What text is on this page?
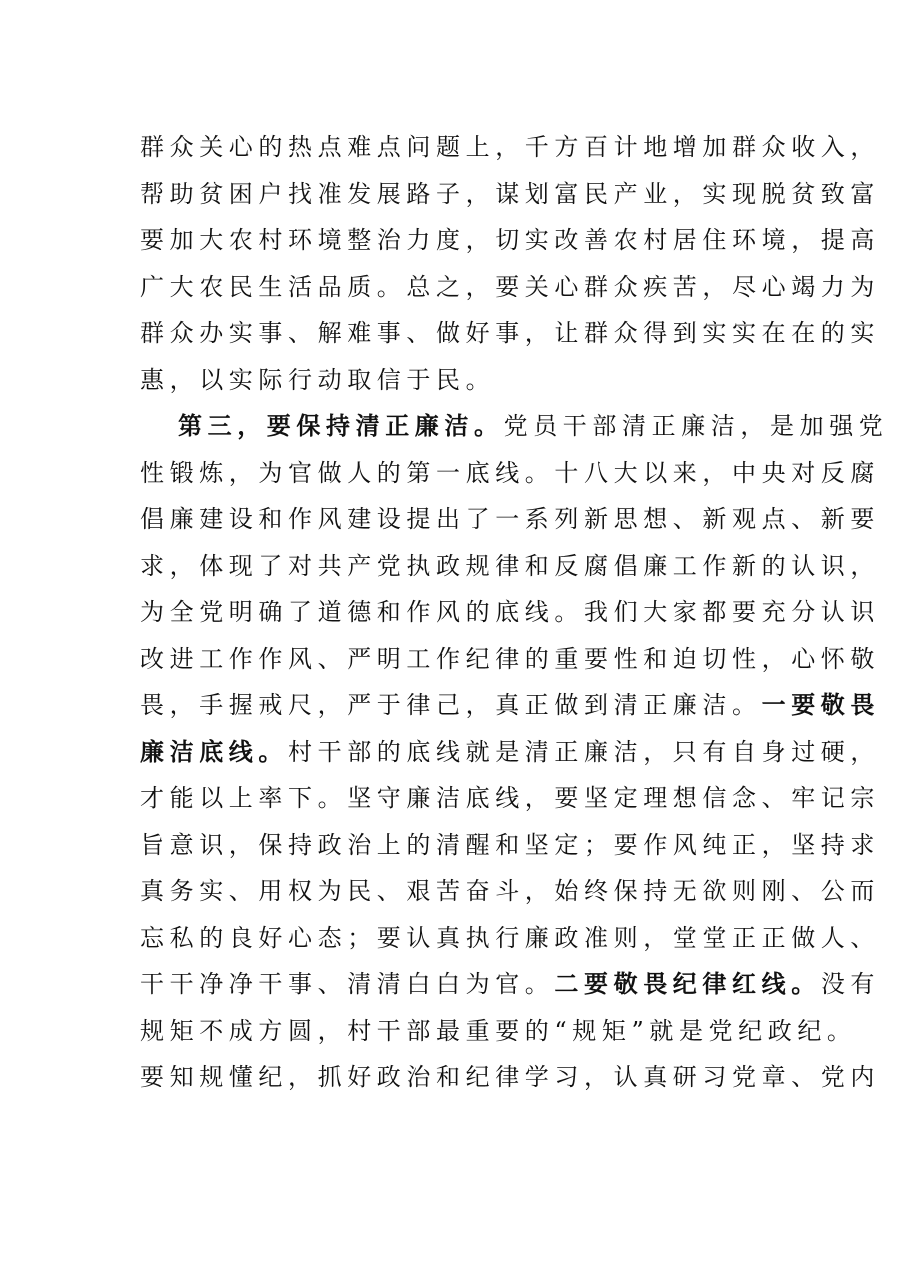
群众关心的热点难点问题上，千方百计地增加群众收入，
帮助贫困户找准发展路子，谋划富民产业，实现脱贫致富
要加大农村环境整治力度，切实改善农村居住环境，提高
广大农民生活品质。总之，要关心群众疾苦，尽心竭力为
群众办实事、解难事、做好事，让群众得到实实在在的实
惠，以实际行动取信于民。
第三，要保持清正廉洁。党员干部清正廉洁，是加强党
性锻炼，为官做人的第一底线。十八大以来，中央对反腐
倡廉建设和作风建设提出了一系列新思想、新观点、新要
求，体现了对共产党执政规律和反腐倡廉工作新的认识，
为全党明确了道德和作风的底线。我们大家都要充分认识
改进工作作风、严明工作纪律的重要性和迫切性，心怀敬
畏，手握戒尺，严于律己，真正做到清正廉洁。一要敬畏
廉洁底线。村干部的底线就是清正廉洁，只有自身过硬，
才能以上率下。坚守廉洁底线，要坚定理想信念、牢记宗
旨意识，保持政治上的清醒和坚定；要作风纯正，坚持求
真务实、用权为民、艰苦奋斗，始终保持无欲则刚、公而
忘私的良好心态；要认真执行廉政准则，堂堂正正做人、
干干净净干事、清清白白为官。二要敬畏纪律红线。没有
规矩不成方圆，村干部最重要的“规矩”就是党纪政纪。
要知规懂纪，抓好政治和纪律学习，认真研习党章、党内
